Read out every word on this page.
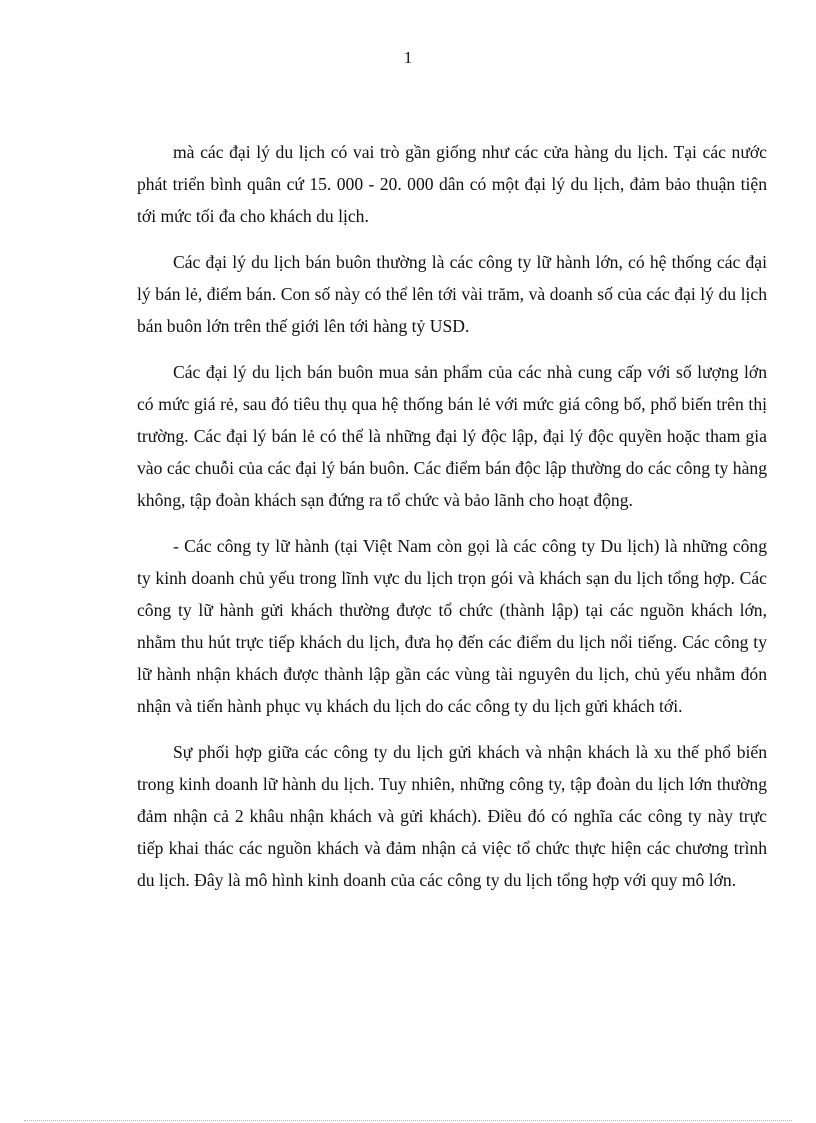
1

mà các đại lý du lịch có vai trò gần giống như các cửa hàng du lịch. Tại các nước phát triển bình quân cứ 15. 000 - 20. 000 dân có một đại lý du lịch, đảm bảo thuận tiện tới mức tối đa cho khách du lịch.

Các đại lý du lịch bán buôn thường là các công ty lữ hành lớn, có hệ thống các đại lý bán lẻ, điểm bán. Con số này có thể lên tới vài trăm, và doanh số của các đại lý du lịch bán buôn lớn trên thế giới lên tới hàng tỷ USD.

Các đại lý du lịch bán buôn mua sản phẩm của các nhà cung cấp với số lượng lớn có mức giá rẻ, sau đó tiêu thụ qua hệ thống bán lẻ với mức giá công bố, phổ biến trên thị trường. Các đại lý bán lẻ có thể là những đại lý độc lập, đại lý độc quyền hoặc tham gia vào các chuỗi của các đại lý bán buôn. Các điểm bán độc lập thường do các công ty hàng không, tập đoàn khách sạn đứng ra tổ chức và bảo lãnh cho hoạt động.

- Các công ty lữ hành (tại Việt Nam còn gọi là các công ty Du lịch) là những công ty kinh doanh chủ yếu trong lĩnh vực du lịch trọn gói và khách sạn du lịch tổng hợp. Các công ty lữ hành gửi khách thường được tổ chức (thành lập) tại các nguồn khách lớn, nhằm thu hút trực tiếp khách du lịch, đưa họ đến các điểm du lịch nổi tiếng. Các công ty lữ hành nhận khách được thành lập gần các vùng tài nguyên du lịch, chủ yếu nhằm đón nhận và tiến hành phục vụ khách du lịch do các công ty du lịch gửi khách tới.

Sự phối hợp giữa các công ty du lịch gửi khách và nhận khách là xu thế phổ biến trong kinh doanh lữ hành du lịch. Tuy nhiên, những công ty, tập đoàn du lịch lớn thường đảm nhận cả 2 khâu nhận khách và gửi khách). Điều đó có nghĩa các công ty này trực tiếp khai thác các nguồn khách và đảm nhận cả việc tổ chức thực hiện các chương trình du lịch. Đây là mô hình kinh doanh của các công ty du lịch tổng hợp với quy mô lớn.
